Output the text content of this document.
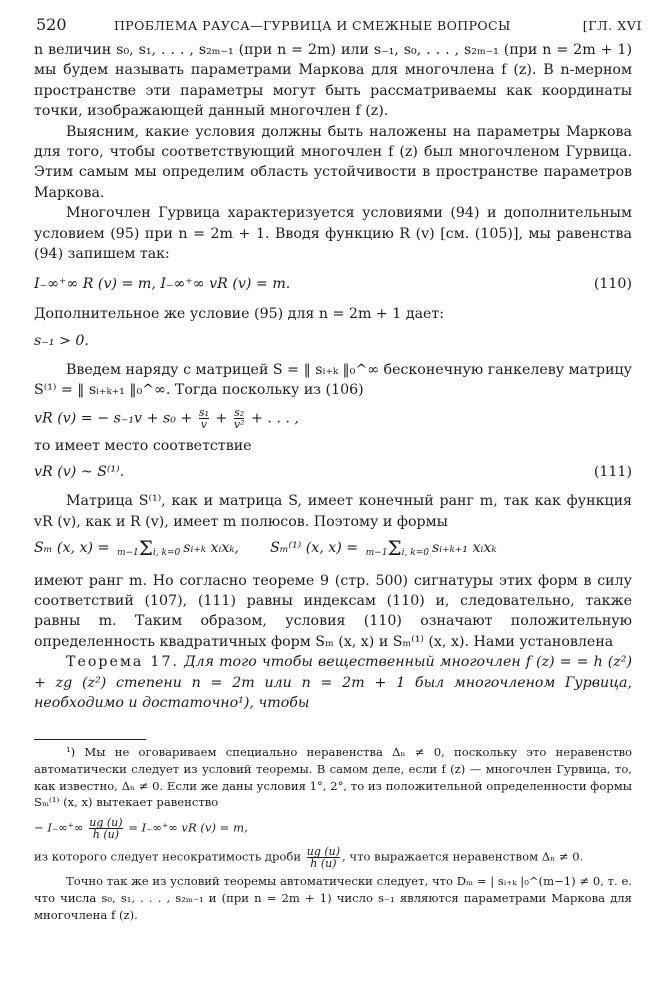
520	ПРОБЛЕМА РАУСА—ГУРВИЦА И СМЕЖНЫЕ ВОПРОСЫ	[ГЛ. XVI

n величин s₀, s₁, . . . , s₂ₘ₋₁ (при n = 2m) или s₋₁, s₀, . . . , s₂ₘ₋₁ (при n = 2m + 1) мы будем называть параметрами Маркова для многочлена f (z). В n-мерном пространстве эти параметры могут быть рассматриваемы как координаты точки, изображающей данный многочлен f (z).

Выясним, какие условия должны быть наложены на параметры Маркова для того, чтобы соответствующий многочлен f (z) был многочленом Гурвица. Этим самым мы определим область устойчивости в пространстве параметров Маркова.

Многочлен Гурвица характеризуется условиями (94) и дополнительным условием (95) при n = 2m + 1. Вводя функцию R (v) [см. (105)], мы равенства (94) запишем так:

I₋∞⁺∞ R (v) = m, I₋∞⁺∞ vR (v) = m.	(110)

Дополнительное же условие (95) для n = 2m + 1 дает:

s₋₁ > 0.

Введем наряду с матрицей S = ‖ sᵢ₊ₖ ‖₀^∞ бесконечную ганкелеву матрицу S⁽¹⁾ = ‖ sᵢ₊ₖ₊₁ ‖₀^∞. Тогда поскольку из (106)

vR (v) = − $s_{-1}v + s_0 + \frac{\text{s₁}}{v} + \frac{\text{s₂}}{\text{v²}}$ + . . . ,

то имеет место соответствие

vR (v) ~ S⁽¹⁾.	(111)

Матрица S⁽¹⁾, как и матрица S, имеет конечный ранг m, так как функция vR (v), как и R (v), имеет m полюсов. Поэтому и формы

Sₘ (x, x) = m−1Σi, k=0 sᵢ₊ₖ xᵢxₖ, Sₘ⁽¹⁾ (x, x) = m−1Σi, k=0 sᵢ₊ₖ₊₁ xᵢxₖ

имеют ранг m. Но согласно теореме 9 (стр. 500) сигнатуры этих форм в силу соответствий (107), (111) равны индексам (110) и, следовательно, также равны m. Таким образом, условия (110) означают положительную определенность квадратичных форм Sₘ (x, x) и Sₘ⁽¹⁾ (x, x). Нами установлена

Теорема 17. Для того чтобы вещественный многочлен f (z) = = h (z²) + zg (z²) степени n = 2m или n = 2m + 1 был многочленом Гурвица, необходимо и достаточно¹), чтобы

¹) Мы не оговариваем специально неравенства Δₙ ≠ 0, поскольку это неравенство автоматически следует из условий теоремы. В самом деле, если f (z) — многочлен Гурвица, то, как известно, Δₙ ≠ 0. Если же даны условия 1°, 2°, то из положительной определенности формы Sₘ⁽¹⁾ (x, x) вытекает равенство

− $I_-\infty^+\infty \frac{ug (u)}{h (u)} = I_-\infty^+\infty$ vR (v) = m,

из которого следует несократимость дроби $\frac{ug (u)}{h (u)}$ , что выражается неравенством Δₙ ≠ 0.

Точно так же из условий теоремы автоматически следует, что Dₘ = | sᵢ₊ₖ |₀^(m−1) ≠ 0, т. е. что числа s₀, s₁, . . . , s₂ₘ₋₁ и (при n = 2m + 1) число s₋₁ являются параметрами Маркова для многочлена f (z).
